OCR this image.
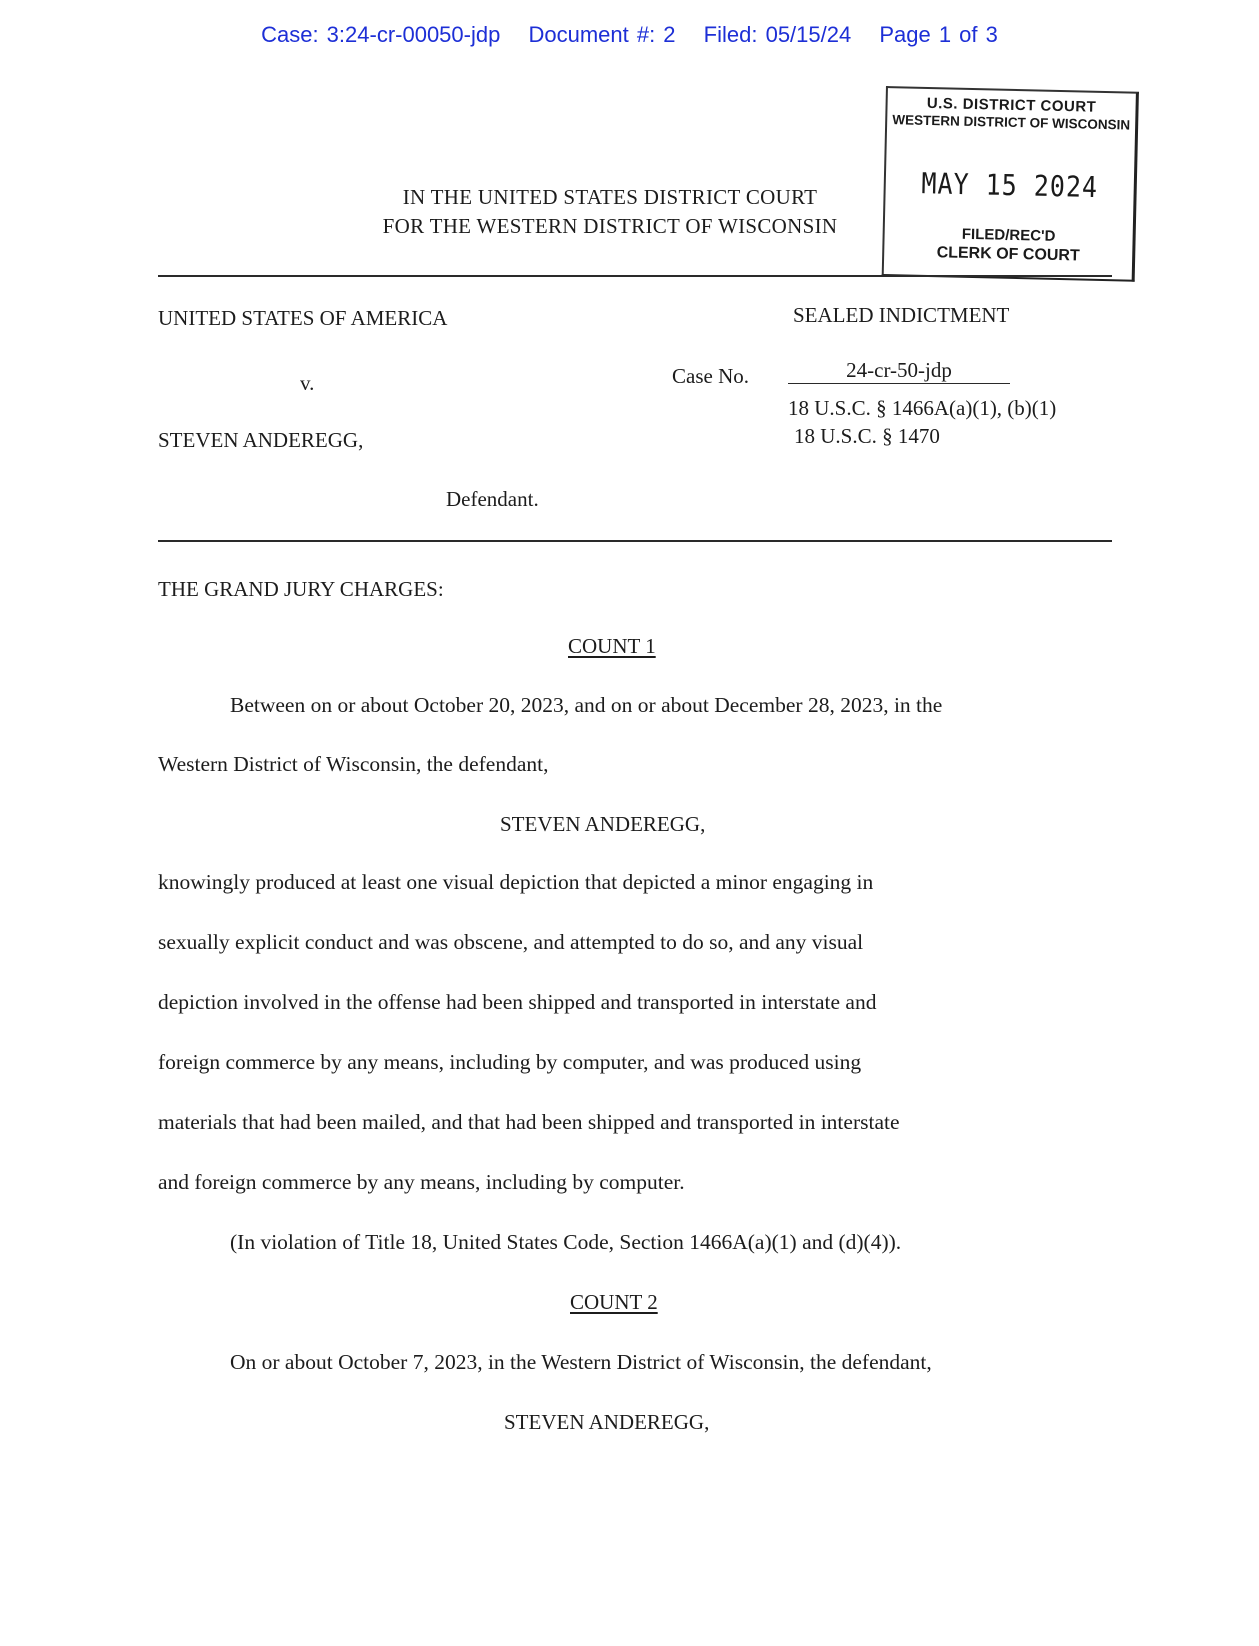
Case: 3:24-cr-00050-jdp Document #: 2 Filed: 05/15/24 Page 1 of 3
U.S. DISTRICT COURT
WESTERN DISTRICT OF WISCONSIN
MAY 15 2024
FILED/REC'D
CLERK OF COURT
IN THE UNITED STATES DISTRICT COURT
FOR THE WESTERN DISTRICT OF WISCONSIN
UNITED STATES OF AMERICA	SEALED INDICTMENT
v.	Case No.	24-cr-50-jdp
18 U.S.C. § 1466A(a)(1), (b)(1)
18 U.S.C. § 1470
STEVEN ANDEREGG,
Defendant.
THE GRAND JURY CHARGES:
COUNT 1
Between on or about October 20, 2023, and on or about December 28, 2023, in the
Western District of Wisconsin, the defendant,
STEVEN ANDEREGG,
knowingly produced at least one visual depiction that depicted a minor engaging in
sexually explicit conduct and was obscene, and attempted to do so, and any visual
depiction involved in the offense had been shipped and transported in interstate and
foreign commerce by any means, including by computer, and was produced using
materials that had been mailed, and that had been shipped and transported in interstate
and foreign commerce by any means, including by computer.
(In violation of Title 18, United States Code, Section 1466A(a)(1) and (d)(4)).
COUNT 2
On or about October 7, 2023, in the Western District of Wisconsin, the defendant,
STEVEN ANDEREGG,
